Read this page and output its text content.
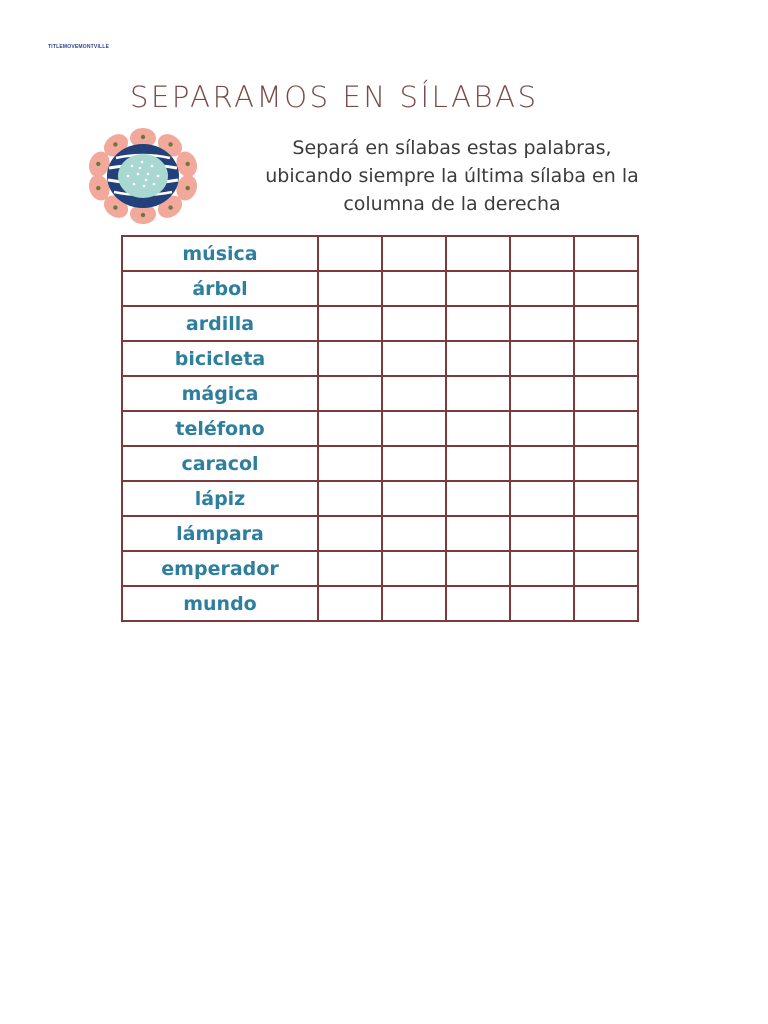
TITLEMOVEMONTVILLE
SEPARAMOS EN SÍLABAS
Separá en sílabas estas palabras,
ubicando siempre la última sílaba en la
columna de la derecha
música					
árbol					
ardilla					
bicicleta					
mágica					
teléfono					
caracol					
lápiz					
lámpara					
emperador					
mundo					
